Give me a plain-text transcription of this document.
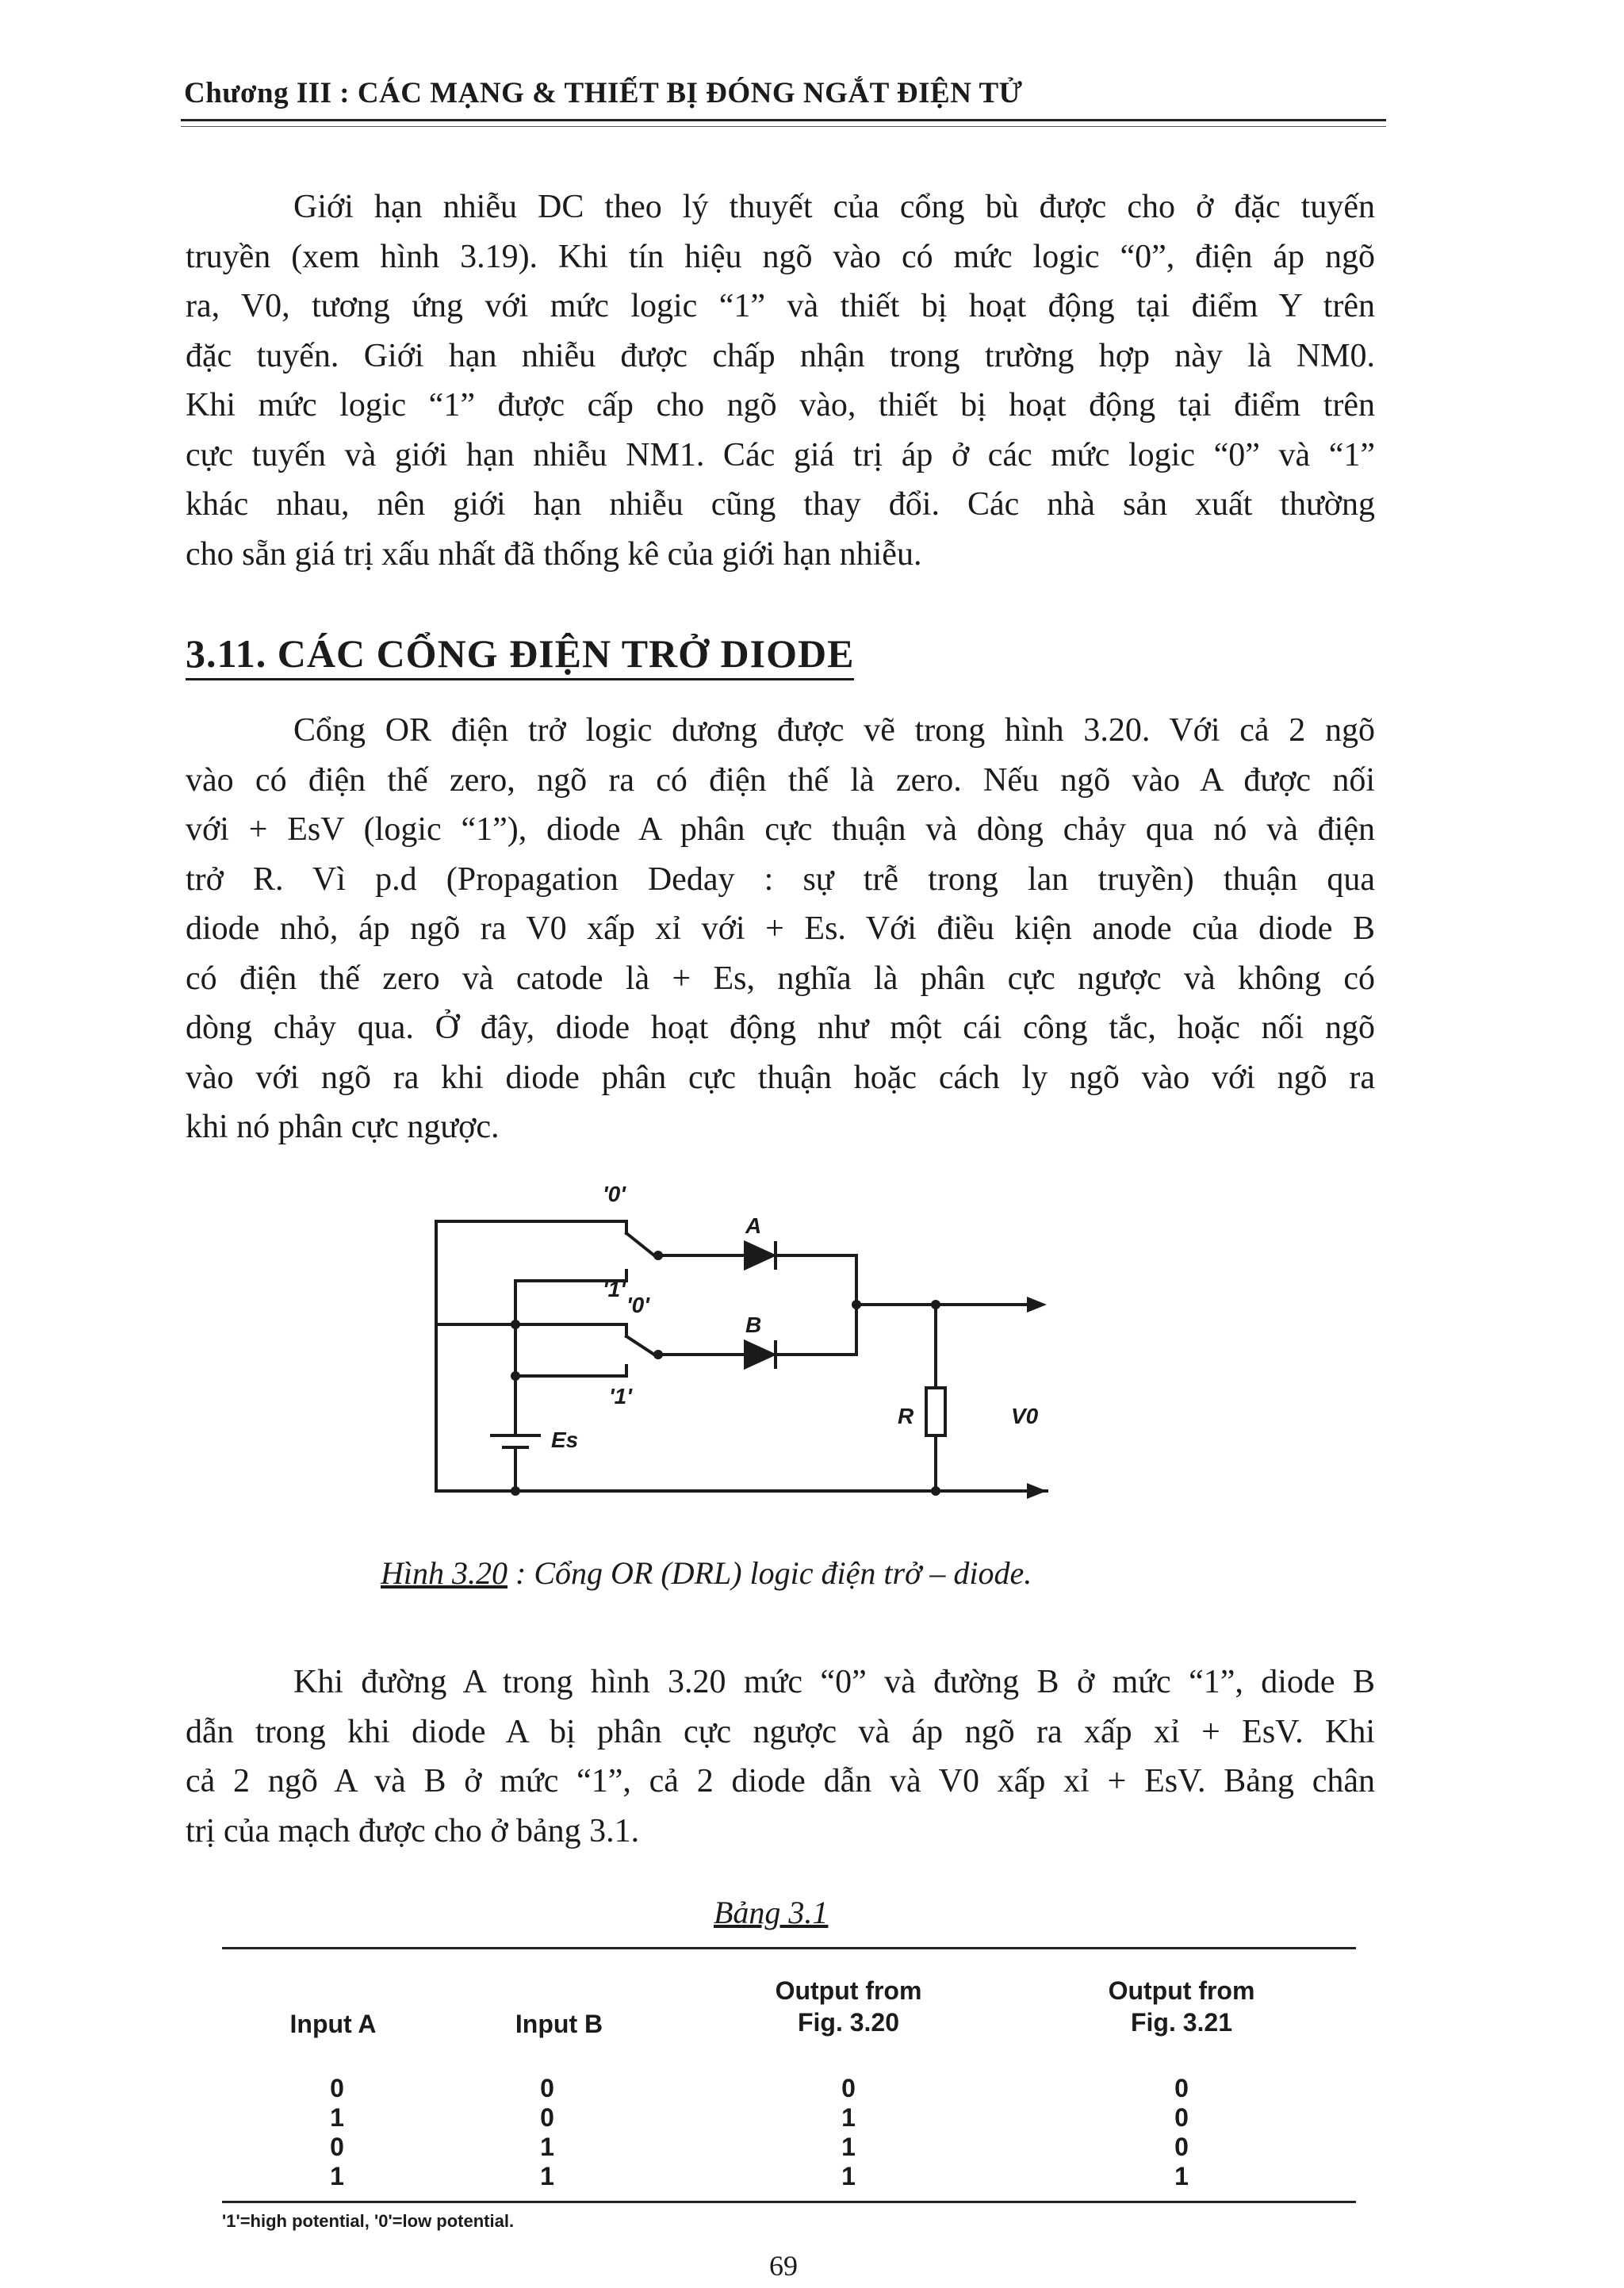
Chương III : CÁC MẠNG & THIẾT BỊ ĐÓNG NGẮT ĐIỆN TỬ
Giới hạn nhiễu DC theo lý thuyết của cổng bù được cho ở đặc tuyến
truyền (xem hình 3.19). Khi tín hiệu ngõ vào có mức logic “0”, điện áp ngõ
ra, V0, tương ứng với mức logic “1” và thiết bị hoạt động tại điểm Y trên
đặc tuyến. Giới hạn nhiễu được chấp nhận trong trường hợp này là NM0.
Khi mức logic “1” được cấp cho ngõ vào, thiết bị hoạt động tại điểm trên
cực tuyến và giới hạn nhiễu NM1. Các giá trị áp ở các mức logic “0” và “1”
khác nhau, nên giới hạn nhiễu cũng thay đổi. Các nhà sản xuất thường
cho sẵn giá trị xấu nhất đã thống kê của giới hạn nhiễu.
3.11. CÁC CỔNG ĐIỆN TRỞ DIODE
Cổng OR điện trở logic dương được vẽ trong hình 3.20. Với cả 2 ngõ
vào có điện thế zero, ngõ ra có điện thế là zero. Nếu ngõ vào A được nối
với + EsV (logic “1”), diode A phân cực thuận và dòng chảy qua nó và điện
trở R. Vì p.d (Propagation Deday : sự trễ trong lan truyền) thuận qua
diode nhỏ, áp ngõ ra V0 xấp xỉ với + Es. Với điều kiện anode của diode B
có điện thế zero và catode là + Es, nghĩa là phân cực ngược và không có
dòng chảy qua. Ở đây, diode hoạt động như một cái công tắc, hoặc nối ngõ
vào với ngõ ra khi diode phân cực thuận hoặc cách ly ngõ vào với ngõ ra
khi nó phân cực ngược.
'0'
'1'
'0'
'1'
A
B
R	V0
Es
Hình 3.20 : Cổng OR (DRL) logic điện trở – diode.
Khi đường A trong hình 3.20 mức “0” và đường B ở mức “1”, diode B
dẫn trong khi diode A bị phân cực ngược và áp ngõ ra xấp xỉ + EsV. Khi
cả 2 ngõ A và B ở mức “1”, cả 2 diode dẫn và V0 xấp xỉ + EsV. Bảng chân
trị của mạch được cho ở bảng 3.1.
Bảng 3.1
Input A	Input B
Output from
Fig. 3.20
Output from
Fig. 3.21
0	0	0	0
1	0	1	0
0	1	1	0
1	1	1	1
'1'=high potential, '0'=low potential.
69
